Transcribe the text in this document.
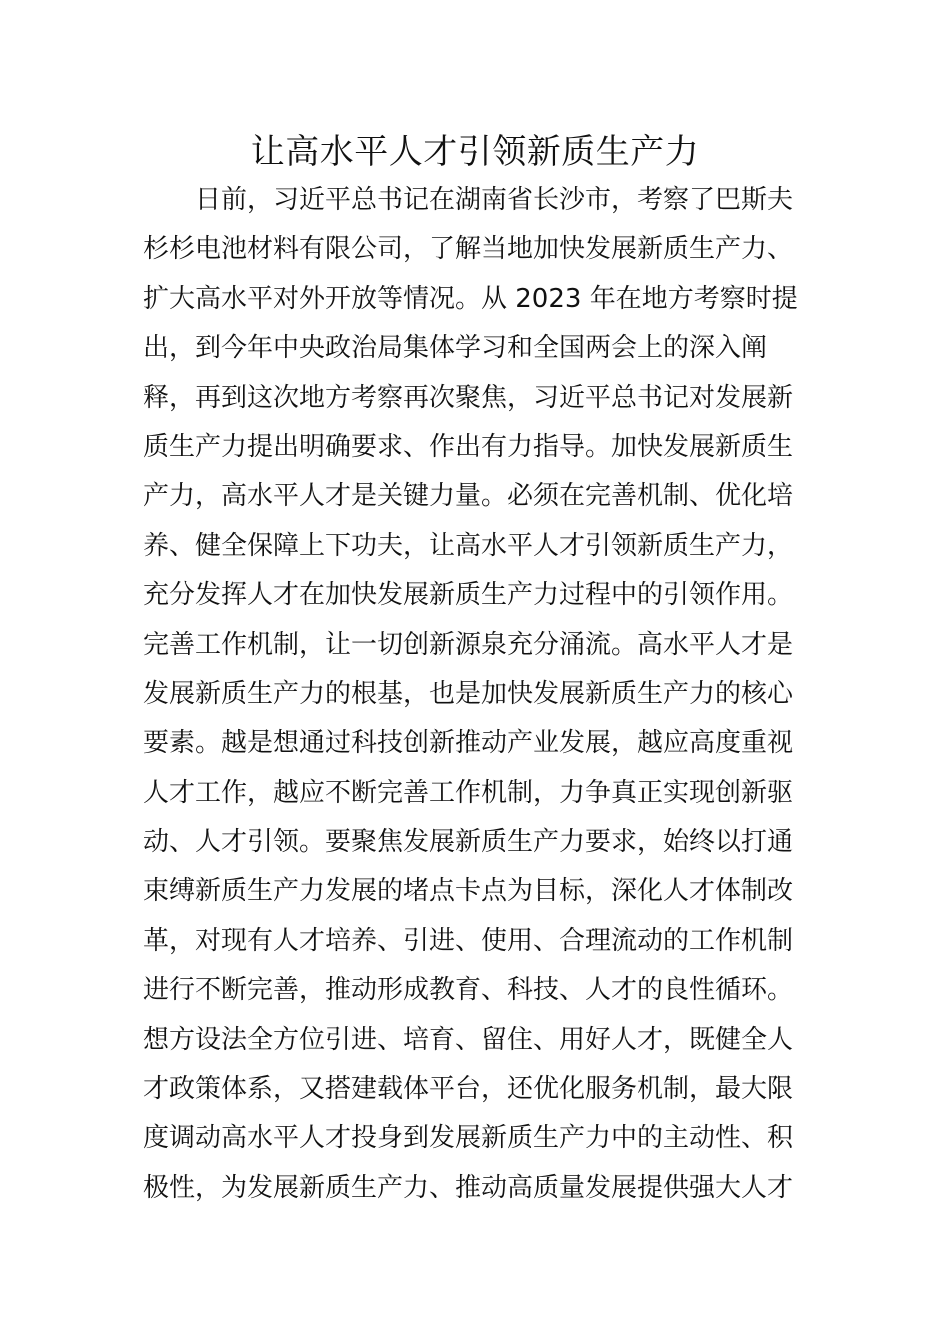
让高水平人才引领新质生产力
　　日前，习近平总书记在湖南省长沙市，考察了巴斯夫
杉杉电池材料有限公司，了解当地加快发展新质生产力、
扩大高水平对外开放等情况。从 2023 年在地方考察时提
出，到今年中央政治局集体学习和全国两会上的深入阐
释，再到这次地方考察再次聚焦，习近平总书记对发展新
质生产力提出明确要求、作出有力指导。加快发展新质生
产力，高水平人才是关键力量。必须在完善机制、优化培
养、健全保障上下功夫，让高水平人才引领新质生产力，
充分发挥人才在加快发展新质生产力过程中的引领作用。
完善工作机制，让一切创新源泉充分涌流。高水平人才是
发展新质生产力的根基，也是加快发展新质生产力的核心
要素。越是想通过科技创新推动产业发展，越应高度重视
人才工作，越应不断完善工作机制，力争真正实现创新驱
动、人才引领。要聚焦发展新质生产力要求，始终以打通
束缚新质生产力发展的堵点卡点为目标，深化人才体制改
革，对现有人才培养、引进、使用、合理流动的工作机制
进行不断完善，推动形成教育、科技、人才的良性循环。
想方设法全方位引进、培育、留住、用好人才，既健全人
才政策体系，又搭建载体平台，还优化服务机制，最大限
度调动高水平人才投身到发展新质生产力中的主动性、积
极性，为发展新质生产力、推动高质量发展提供强大人才
